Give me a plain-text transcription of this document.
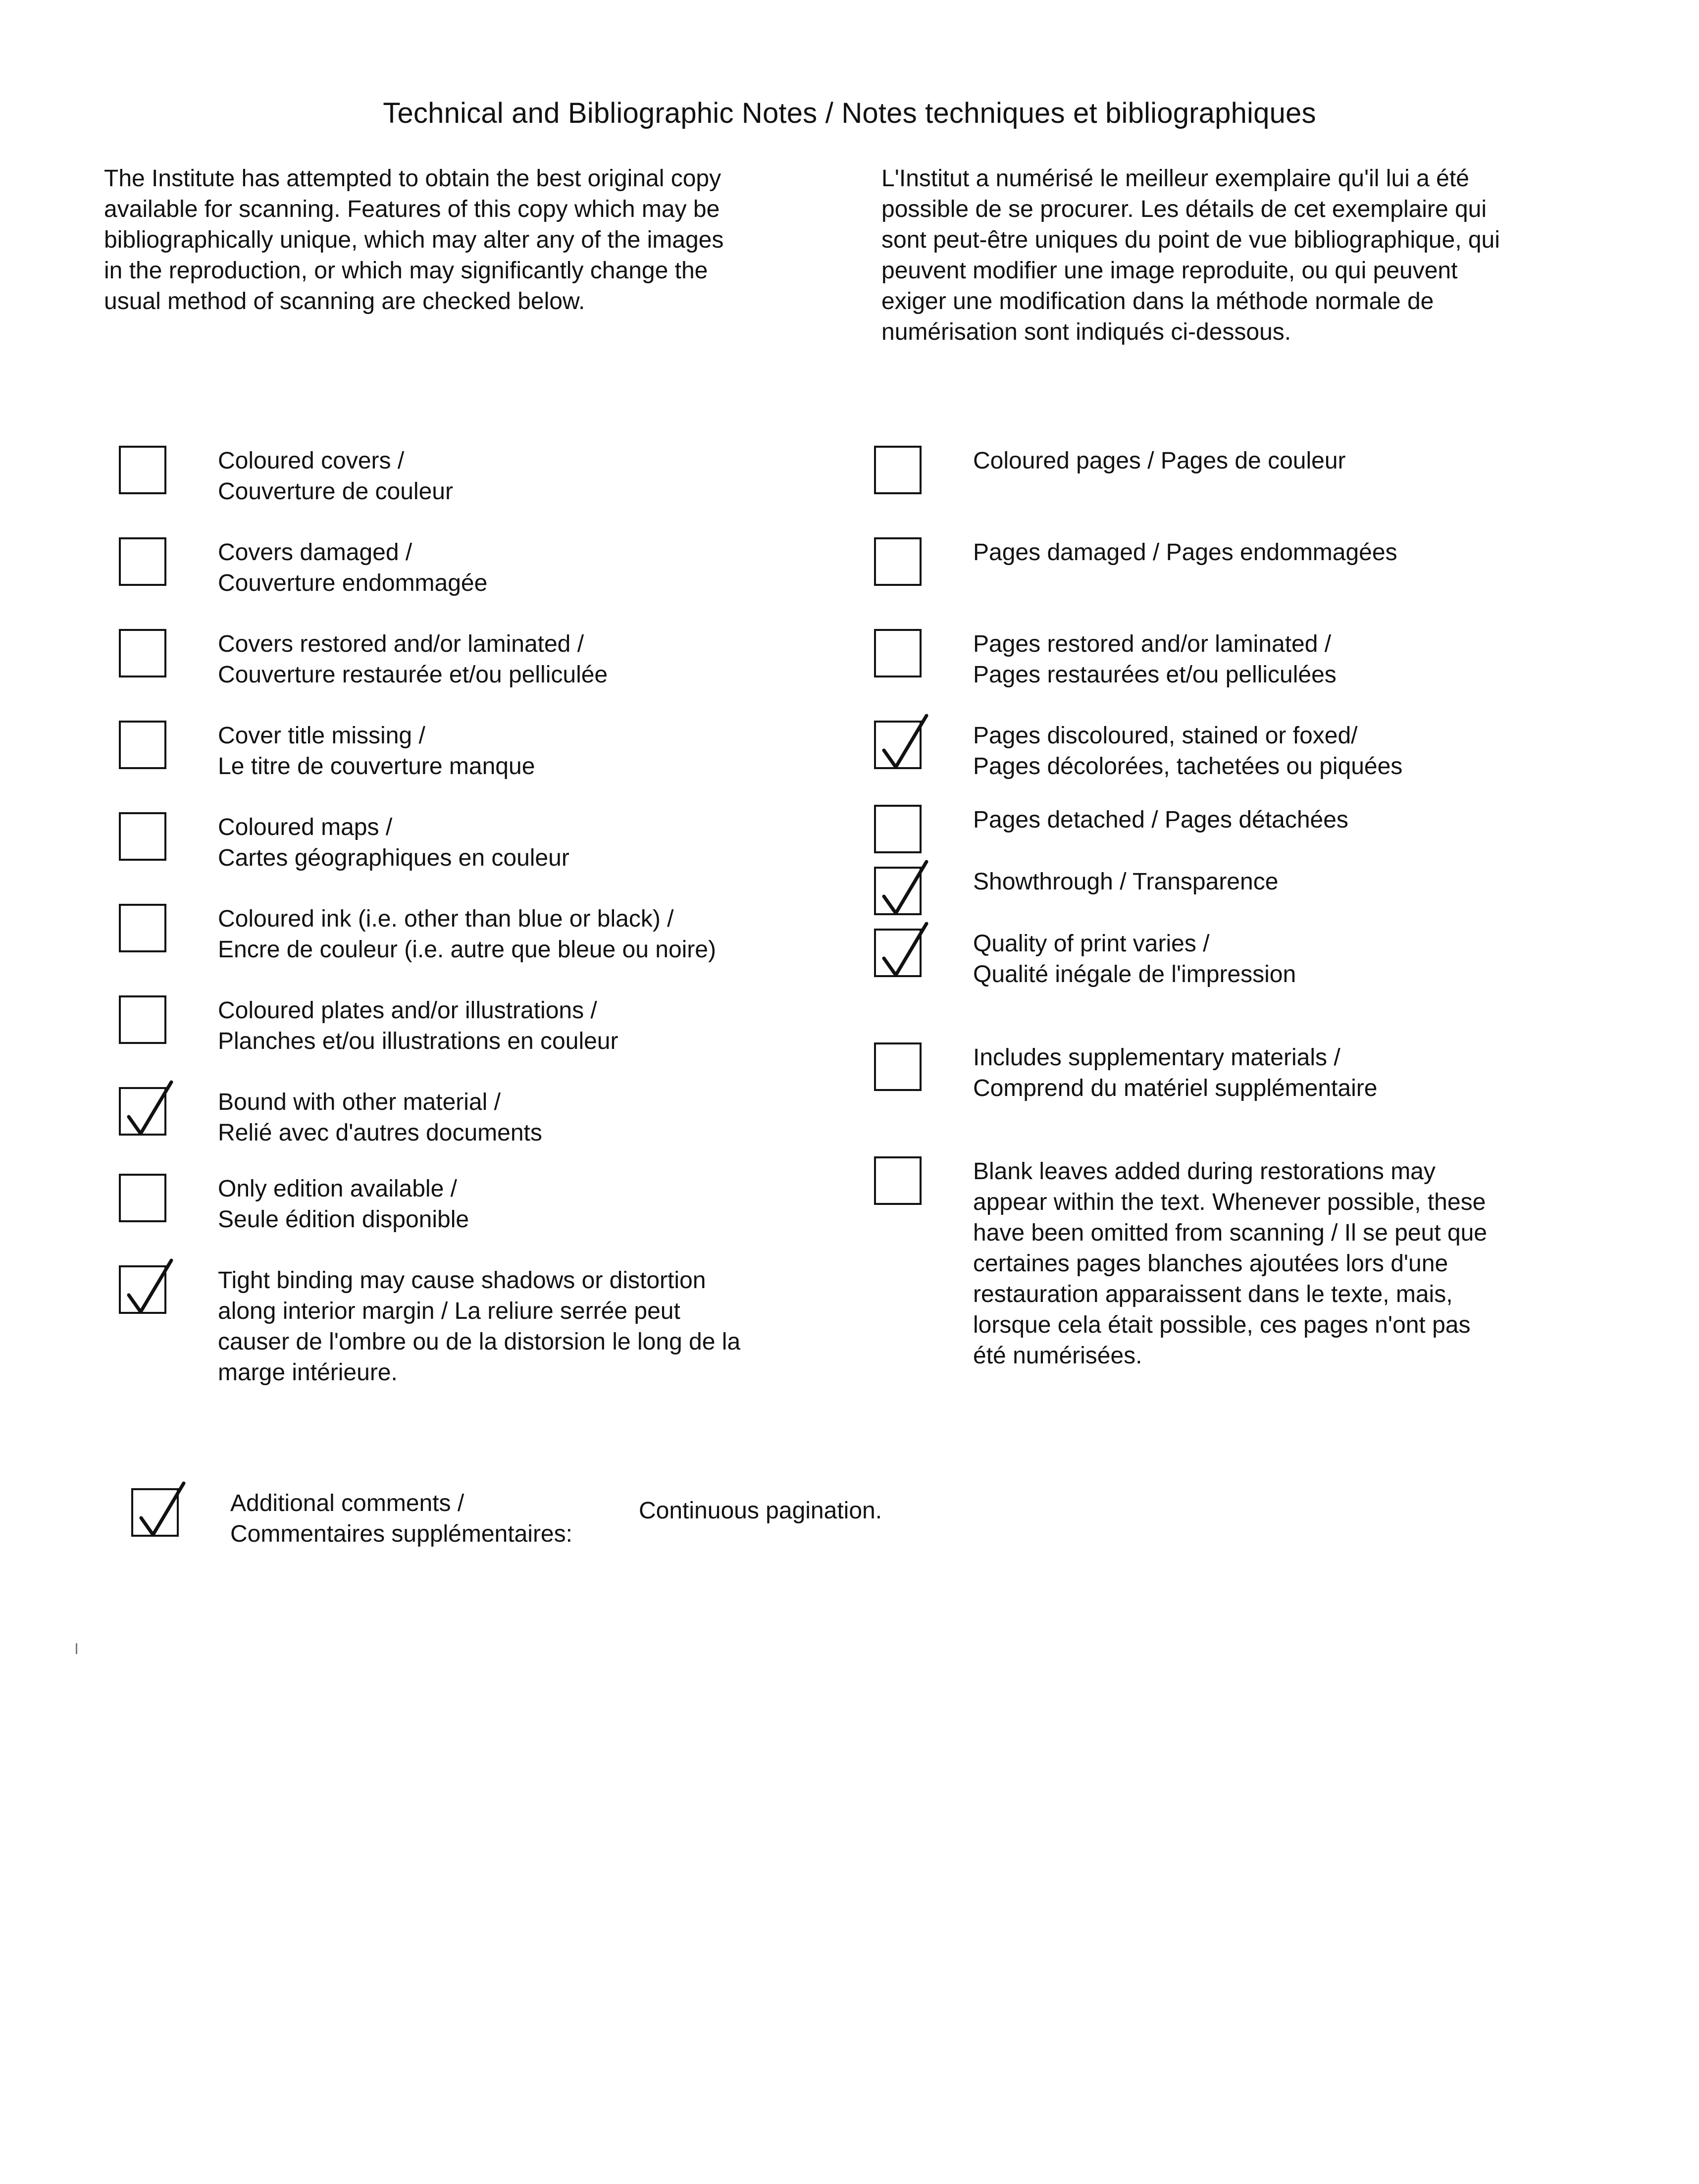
Technical and Bibliographic Notes / Notes techniques et bibliographiques
The Institute has attempted to obtain the best original copy
available for scanning. Features of this copy which may be
bibliographically unique, which may alter any of the images
in the reproduction, or which may significantly change the
usual method of scanning are checked below.
L'Institut a numérisé le meilleur exemplaire qu'il lui a été
possible de se procurer. Les détails de cet exemplaire qui
sont peut-être uniques du point de vue bibliographique, qui
peuvent modifier une image reproduite, ou qui peuvent
exiger une modification dans la méthode normale de
numérisation sont indiqués ci-dessous.
Coloured covers /
Couverture de couleur
Covers damaged /
Couverture endommagée
Covers restored and/or laminated /
Couverture restaurée et/ou pelliculée
Cover title missing /
Le titre de couverture manque
Coloured maps /
Cartes géographiques en couleur
Coloured ink (i.e. other than blue or black) /
Encre de couleur (i.e. autre que bleue ou noire)
Coloured plates and/or illustrations /
Planches et/ou illustrations en couleur
Bound with other material /
Relié avec d'autres documents
Only edition available /
Seule édition disponible
Tight binding may cause shadows or distortion
along interior margin / La reliure serrée peut
causer de l'ombre ou de la distorsion le long de la
marge intérieure.
Coloured pages / Pages de couleur
Pages damaged / Pages endommagées
Pages restored and/or laminated /
Pages restaurées et/ou pelliculées
Pages discoloured, stained or foxed/
Pages décolorées, tachetées ou piquées
Pages detached / Pages détachées
Showthrough / Transparence
Quality of print varies /
Qualité inégale de l'impression
Includes supplementary materials /
Comprend du matériel supplémentaire
Blank leaves added during restorations may
appear within the text. Whenever possible, these
have been omitted from scanning / Il se peut que
certaines pages blanches ajoutées lors d'une
restauration apparaissent dans le texte, mais,
lorsque cela était possible, ces pages n'ont pas
été numérisées.
Additional comments /
Commentaires supplémentaires:
Continuous pagination.
